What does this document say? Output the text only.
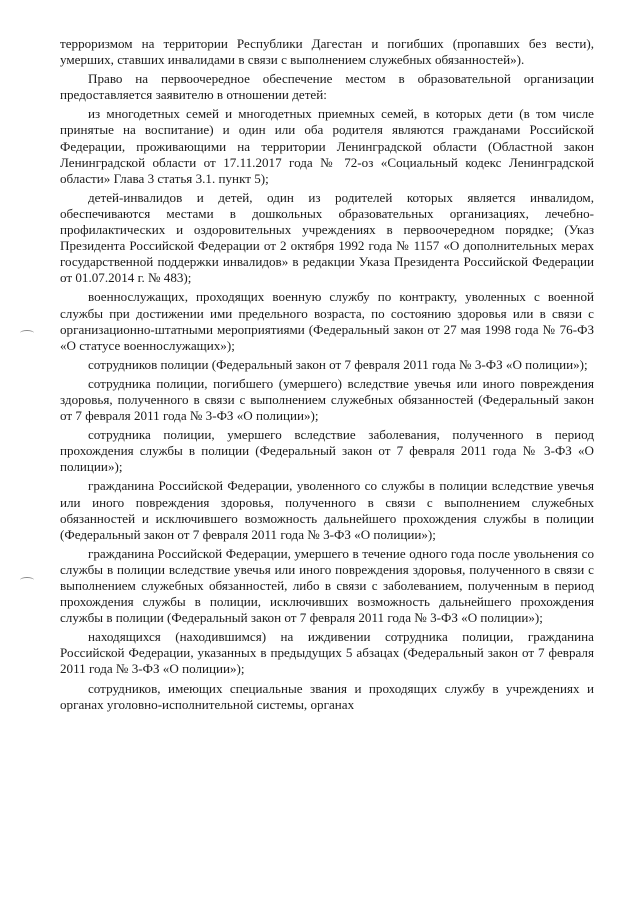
терроризмом на территории Республики Дагестан и погибших (пропавших без вести), умерших, ставших инвалидами в связи с выполнением служебных обязанностей»).

Право на первоочередное обеспечение местом в образовательной организации предоставляется заявителю в отношении детей:

из многодетных семей и многодетных приемных семей, в которых дети (в том числе принятые на воспитание) и один или оба родителя являются гражданами Российской Федерации, проживающими на территории Ленинградской области (Областной закон Ленинградской области от 17.11.2017 года № 72-оз «Социальный кодекс Ленинградской области» Глава 3 статья 3.1. пункт 5);

детей-инвалидов и детей, один из родителей которых является инвалидом, обеспечиваются местами в дошкольных образовательных организациях, лечебно-профилактических и оздоровительных учреждениях в первоочередном порядке; (Указ Президента Российской Федерации от 2 октября 1992 года № 1157 «О дополнительных мерах государственной поддержки инвалидов» в редакции Указа Президента Российской Федерации от 01.07.2014 г. № 483);

военнослужащих, проходящих военную службу по контракту, уволенных с военной службы при достижении ими предельного возраста, по состоянию здоровья или в связи с организационно-штатными мероприятиями (Федеральный закон от 27 мая 1998 года № 76-ФЗ «О статусе военнослужащих»);

сотрудников полиции (Федеральный закон от 7 февраля 2011 года № 3-ФЗ «О полиции»);

сотрудника полиции, погибшего (умершего) вследствие увечья или иного повреждения здоровья, полученного в связи с выполнением служебных обязанностей (Федеральный закон от 7 февраля 2011 года № 3-ФЗ «О полиции»);

сотрудника полиции, умершего вследствие заболевания, полученного в период прохождения службы в полиции (Федеральный закон от 7 февраля 2011 года № 3-ФЗ «О полиции»);

гражданина Российской Федерации, уволенного со службы в полиции вследствие увечья или иного повреждения здоровья, полученного в связи с выполнением служебных обязанностей и исключившего возможность дальнейшего прохождения службы в полиции (Федеральный закон от 7 февраля 2011 года № 3-ФЗ «О полиции»);

гражданина Российской Федерации, умершего в течение одного года после увольнения со службы в полиции вследствие увечья или иного повреждения здоровья, полученного в связи с выполнением служебных обязанностей, либо в связи с заболеванием, полученным в период прохождения службы в полиции, исключивших возможность дальнейшего прохождения службы в полиции (Федеральный закон от 7 февраля 2011 года № 3-ФЗ «О полиции»);

находящихся (находившимся) на иждивении сотрудника полиции, гражданина Российской Федерации, указанных в предыдущих 5 абзацах (Федеральный закон от 7 февраля 2011 года № 3-ФЗ «О полиции»);

сотрудников, имеющих специальные звания и проходящих службу в учреждениях и органах уголовно-исполнительной системы, органах
